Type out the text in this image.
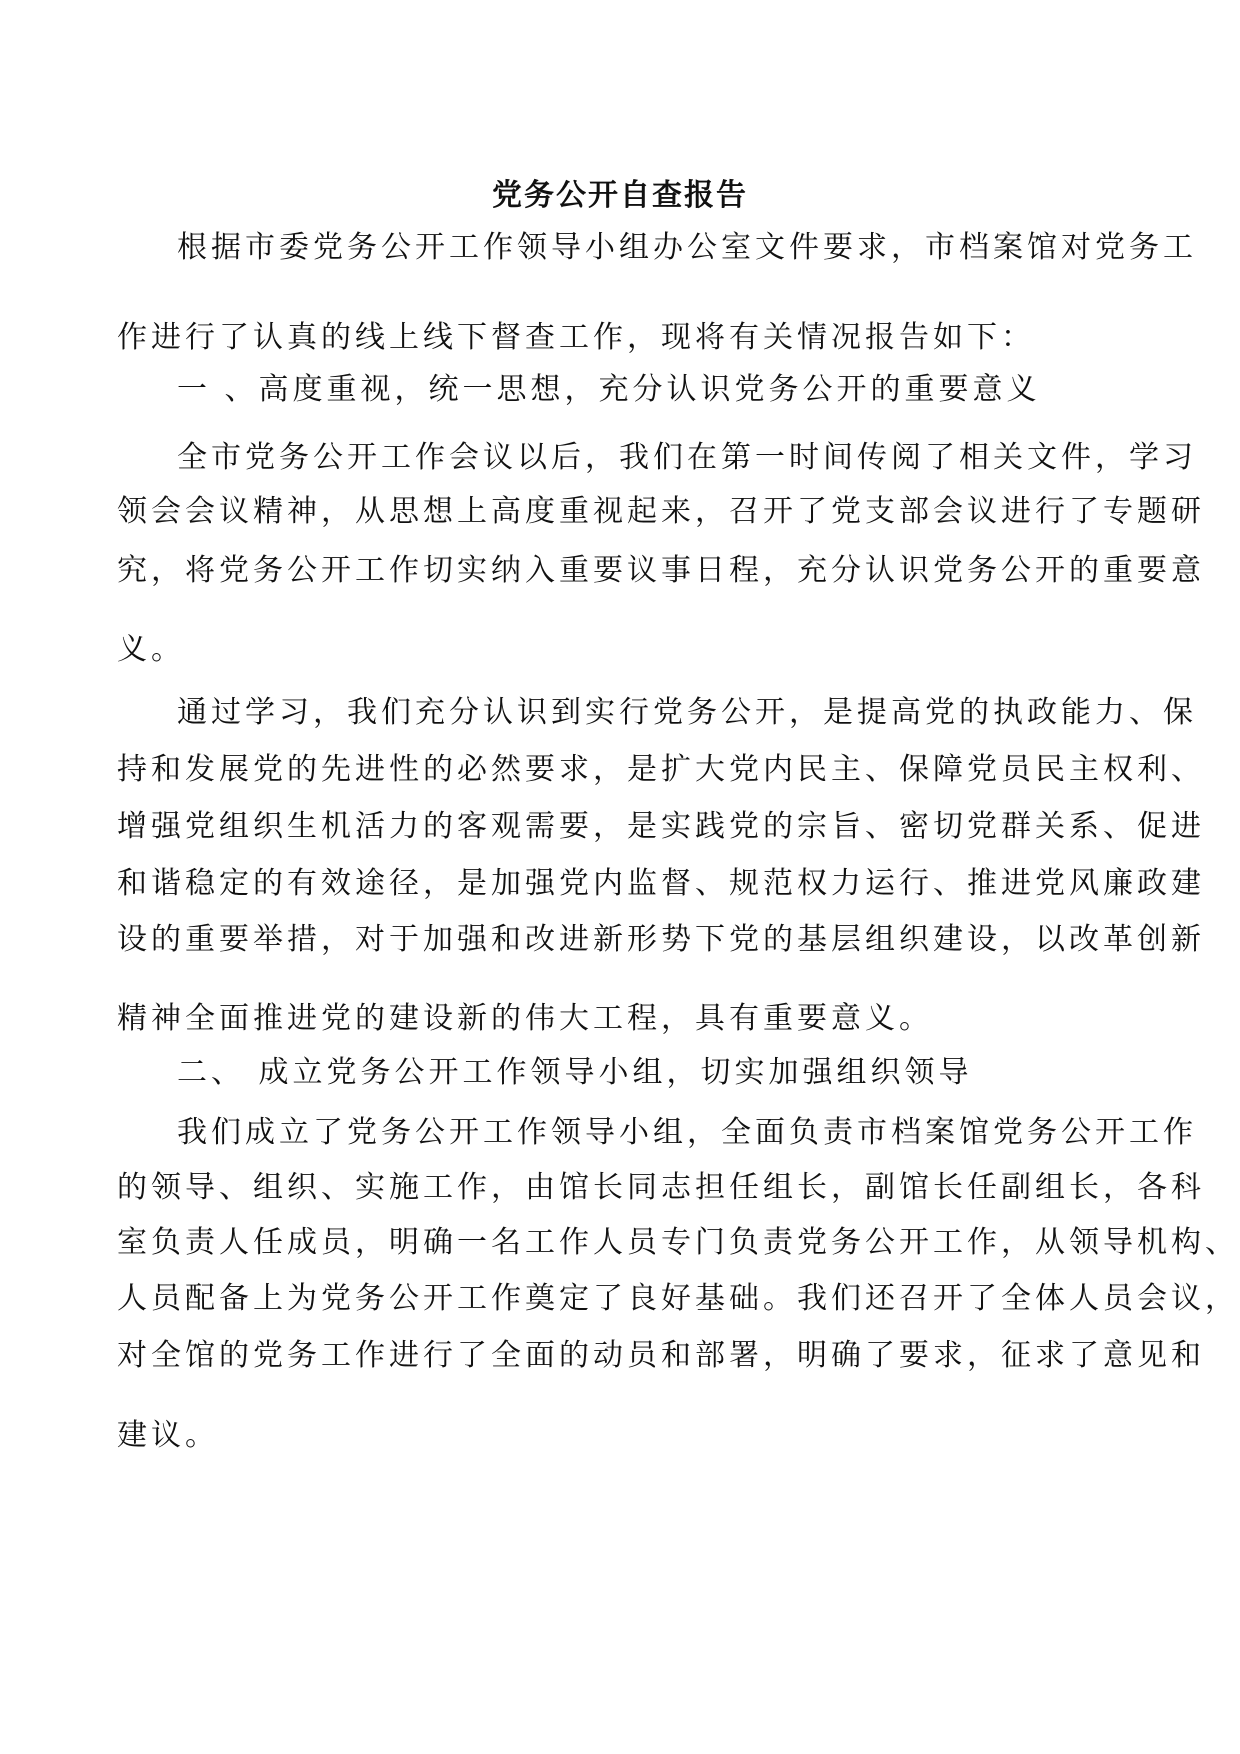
党务公开自查报告
根据市委党务公开工作领导小组办公室文件要求，市档案馆对党务工
作进行了认真的线上线下督查工作，现将有关情况报告如下：
一 、高度重视，统一思想，充分认识党务公开的重要意义
全市党务公开工作会议以后，我们在第一时间传阅了相关文件，学习
领会会议精神，从思想上高度重视起来，召开了党支部会议进行了专题研
究，将党务公开工作切实纳入重要议事日程，充分认识党务公开的重要意
义。
通过学习，我们充分认识到实行党务公开，是提高党的执政能力、保
持和发展党的先进性的必然要求，是扩大党内民主、保障党员民主权利、
增强党组织生机活力的客观需要，是实践党的宗旨、密切党群关系、促进
和谐稳定的有效途径，是加强党内监督、规范权力运行、推进党风廉政建
设的重要举措，对于加强和改进新形势下党的基层组织建设，以改革创新
精神全面推进党的建设新的伟大工程，具有重要意义。
二、 成立党务公开工作领导小组，切实加强组织领导
我们成立了党务公开工作领导小组，全面负责市档案馆党务公开工作
的领导、组织、实施工作，由馆长同志担任组长，副馆长任副组长，各科
室负责人任成员，明确一名工作人员专门负责党务公开工作，从领导机构、
人员配备上为党务公开工作奠定了良好基础。我们还召开了全体人员会议，
对全馆的党务工作进行了全面的动员和部署，明确了要求，征求了意见和
建议。
